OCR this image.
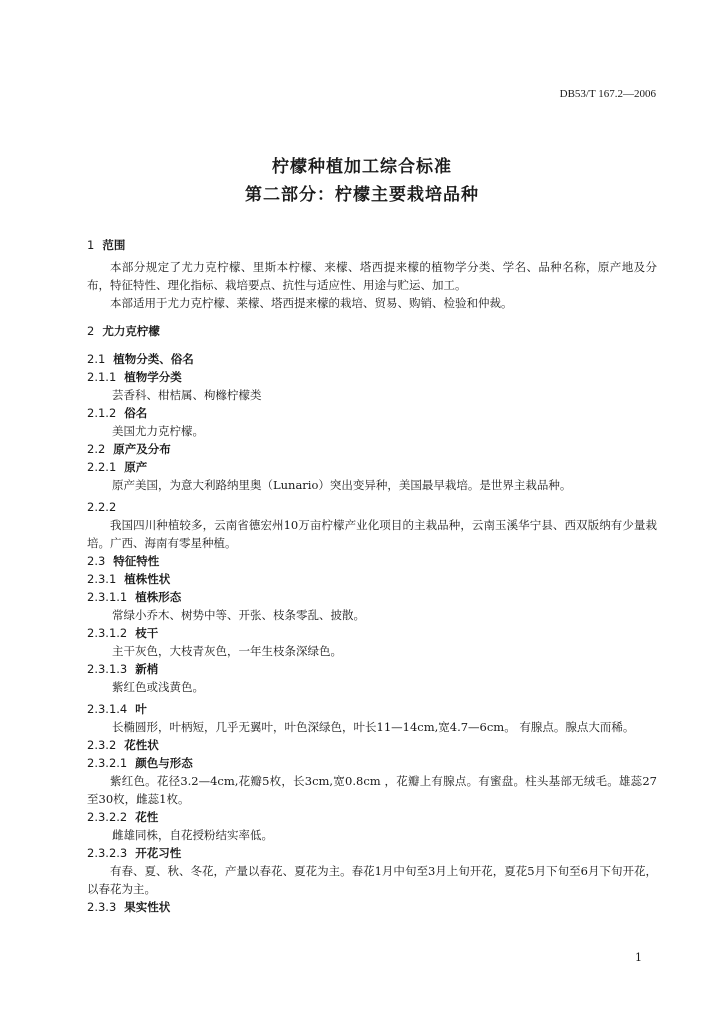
DB53/T 167.2—2006
柠檬种植加工综合标准
第二部分：柠檬主要栽培品种
1 范围
本部分规定了尤力克柠檬、里斯本柠檬、来檬、塔西提来檬的植物学分类、学名、品种名称，原产地及分布，特征特性、理化指标、栽培要点、抗性与适应性、用途与贮运、加工。
本部适用于尤力克柠檬、莱檬、塔西提来檬的栽培、贸易、购销、检验和仲裁。
2 尤力克柠檬
2.1 植物分类、俗名
2.1.1 植物学分类
芸香科、柑桔属、枸橼柠檬类
2.1.2 俗名
美国尤力克柠檬。
2.2 原产及分布
2.2.1 原产
原产美国，为意大利路纳里奥（Lunario）突出变异种，美国最早栽培。是世界主栽品种。
2.2.2
我国四川种植较多，云南省德宏州10万亩柠檬产业化项目的主栽品种，云南玉溪华宁县、西双版纳有少量栽培。广西、海南有零星种植。
2.3 特征特性
2.3.1 植株性状
2.3.1.1 植株形态
常绿小乔木、树势中等、开张、枝条零乱、披散。
2.3.1.2 枝干
主干灰色，大枝青灰色，一年生枝条深绿色。
2.3.1.3 新梢
紫红色或浅黄色。
2.3.1.4 叶
长椭圆形，叶柄短，几乎无翼叶，叶色深绿色，叶长11—14cm,宽4.7—6cm。 有腺点。腺点大而稀。
2.3.2 花性状
2.3.2.1 颜色与形态
紫红色。花径3.2—4cm,花瓣5枚，长3cm,宽0.8cm ，花瓣上有腺点。有蜜盘。柱头基部无绒毛。雄蕊27至30枚，雌蕊1枚。
2.3.2.2 花性
雌雄同株，自花授粉结实率低。
2.3.2.3 开花习性
有春、夏、秋、冬花，产量以春花、夏花为主。春花1月中旬至3月上旬开花，夏花5月下旬至6月下旬开花，以春花为主。
2.3.3 果实性状
1
